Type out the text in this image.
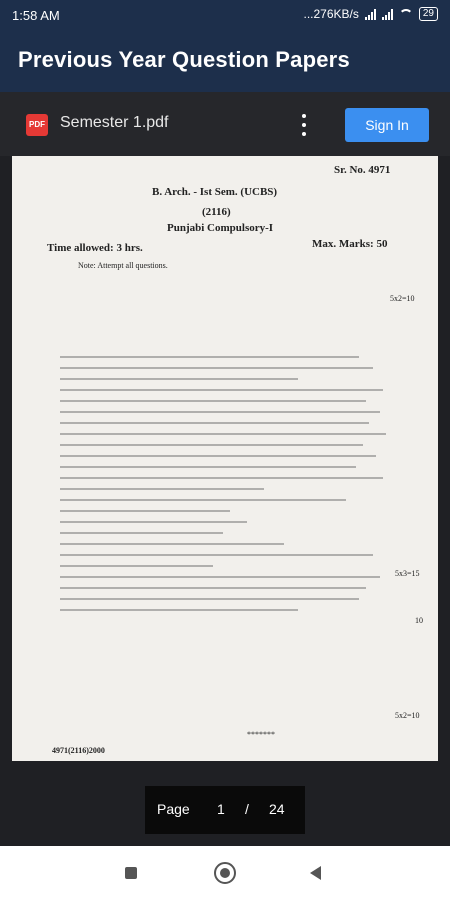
1:58 AM	...276KB/s	29
Previous Year Question Papers
PDF Semester 1.pdf	Sign In
Sr. No. 4971
B. Arch. - Ist Sem. (UCBS)
(2116)
Punjabi Compulsory-I
Time allowed: 3 hrs.	Max. Marks: 50
Note: Attempt all questions.
5x2=10
5x3=15
10
5x2=10
*******
4971(2116)2000
Page 1 / 24
